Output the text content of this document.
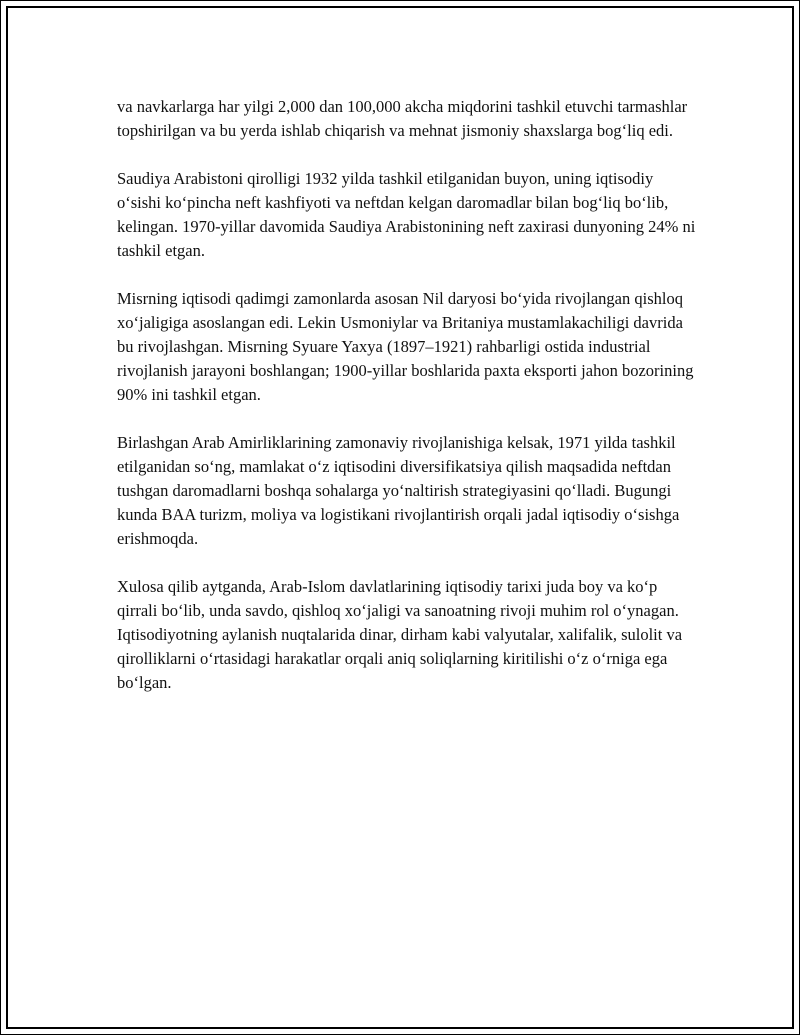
va navkarlarga har yilgi 2,000 dan 100,000 akcha miqdorini tashkil etuvchi tarmashlar topshirilgan va bu yerda ishlab chiqarish va mehnat jismoniy shaxslarga bog‘liq edi.

Saudiya Arabistoni qirolligi 1932 yilda tashkil etilganidan buyon, uning iqtisodiy o‘sishi ko‘pincha neft kashfiyoti va neftdan kelgan daromadlar bilan bog‘liq bo‘lib, kelingan. 1970-yillar davomida Saudiya Arabistonining neft zaxirasi dunyoning 24% ni tashkil etgan.

Misrning iqtisodi qadimgi zamonlarda asosan Nil daryosi bo‘yida rivojlangan qishloq xo‘jaligiga asoslangan edi. Lekin Usmoniylar va Britaniya mustamlakachiligi davrida bu rivojlashgan. Misrning Syuare Yaxya (1897–1921) rahbarligi ostida industrial rivojlanish jarayoni boshlangan; 1900-yillar boshlarida paxta eksporti jahon bozorining 90% ini tashkil etgan.

Birlashgan Arab Amirliklarining zamonaviy rivojlanishiga kelsak, 1971 yilda tashkil etilganidan so‘ng, mamlakat o‘z iqtisodini diversifikatsiya qilish maqsadida neftdan tushgan daromadlarni boshqa sohalarga yo‘naltirish strategiyasini qo‘lladi. Bugungi kunda BAA turizm, moliya va logistikani rivojlantirish orqali jadal iqtisodiy o‘sishga erishmoqda.

Xulosa qilib aytganda, Arab-Islom davlatlarining iqtisodiy tarixi juda boy va ko‘p qirrali bo‘lib, unda savdo, qishloq xo‘jaligi va sanoatning rivoji muhim rol o‘ynagan. Iqtisodiyotning aylanish nuqtalarida dinar, dirham kabi valyutalar, xalifalik, sulolit va qirolliklarni o‘rtasidagi harakatlar orqali aniq soliqlarning kiritilishi o‘z o‘rniga ega bo‘lgan.
